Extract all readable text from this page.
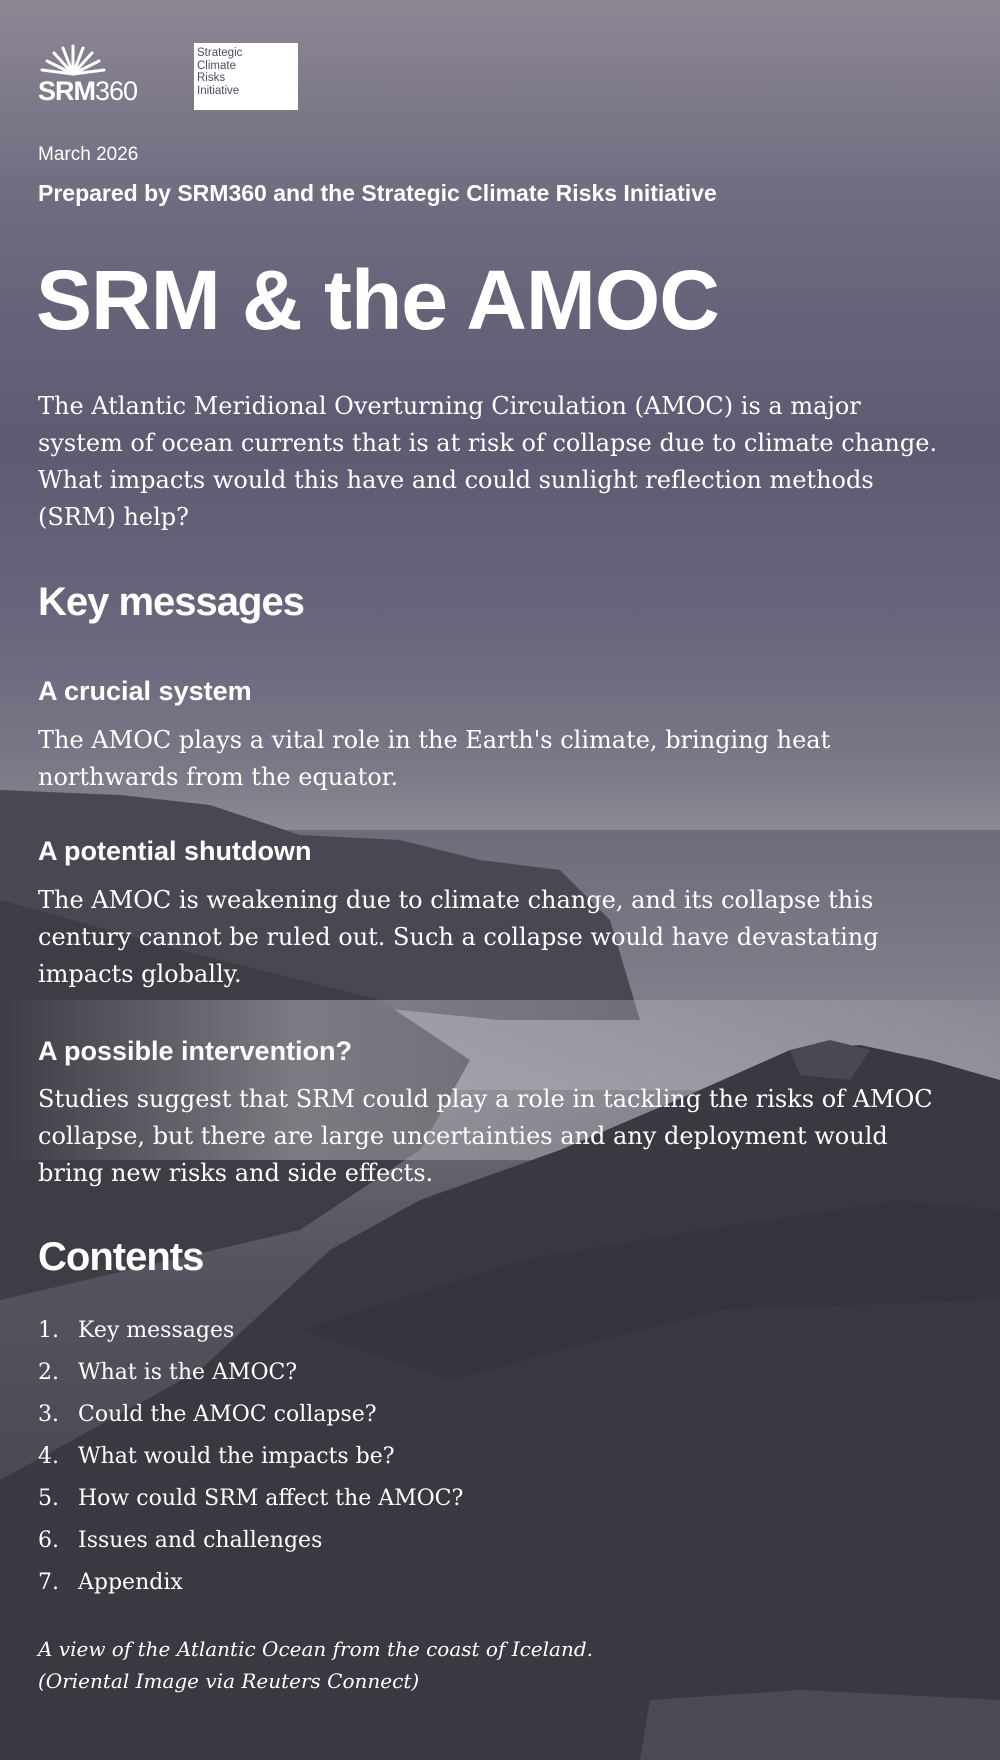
SRM360
Strategic
Climate
Risks
Initiative
March 2026
Prepared by SRM360 and the Strategic Climate Risks Initiative
SRM & the AMOC

The Atlantic Meridional Overturning Circulation (AMOC) is a major system of ocean currents that is at risk of collapse due to climate change. What impacts would this have and could sunlight reflection methods (SRM) help?

Key messages
A crucial system

The AMOC plays a vital role in the Earth's climate, bringing heat northwards from the equator.

A potential shutdown

The AMOC is weakening due to climate change, and its collapse this century cannot be ruled out. Such a collapse would have devastating impacts globally.

A possible intervention?

Studies suggest that SRM could play a role in tackling the risks of AMOC collapse, but there are large uncertainties and any deployment would bring new risks and side effects.

Contents
1. Key messages
2. What is the AMOC?
3. Could the AMOC collapse?
4. What would the impacts be?
5. How could SRM affect the AMOC?
6. Issues and challenges
7. Appendix
A view of the Atlantic Ocean from the coast of Iceland.
(Oriental Image via Reuters Connect)
